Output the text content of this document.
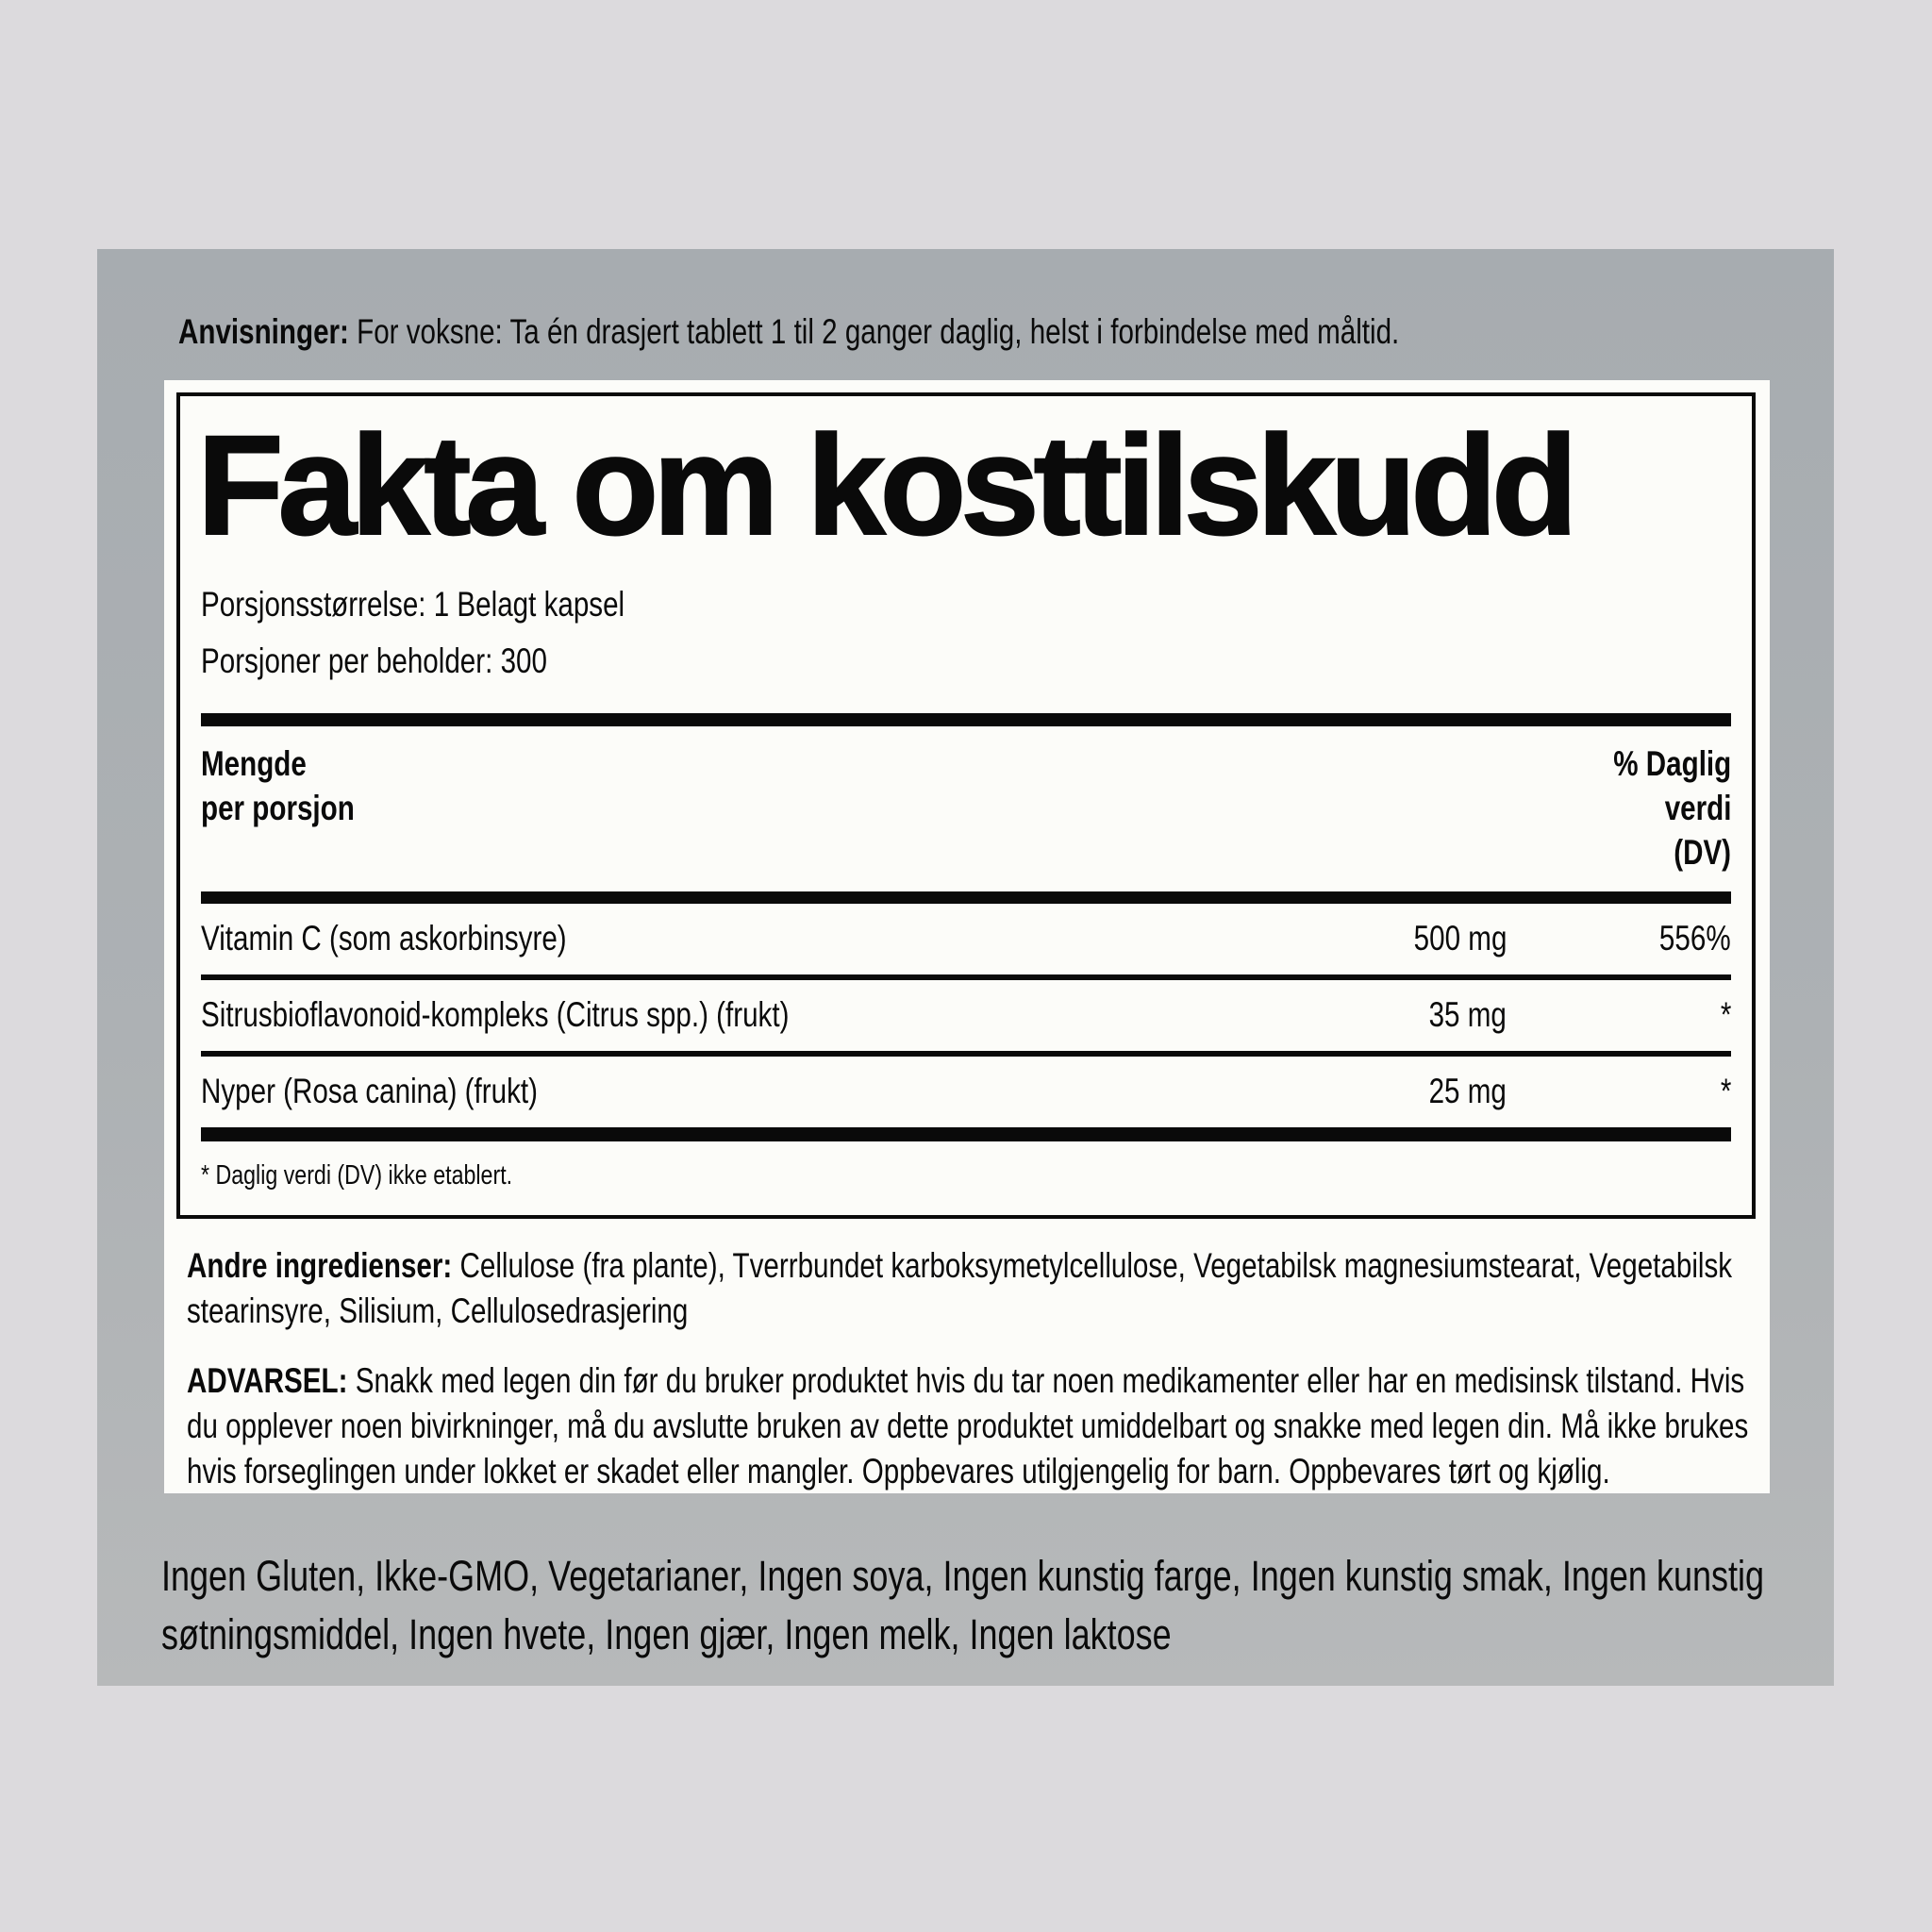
Anvisninger: For voksne: Ta én drasjert tablett 1 til 2 ganger daglig, helst i forbindelse med måltid.

Fakta om kosttilskudd

Porsjonsstørrelse: 1 Belagt kapsel

Porsjoner per beholder: 300

Mengde
per porsjon
% Daglig
verdi
(DV)
Vitamin C (som askorbinsyre)	500 mg	556%
Sitrusbioflavonoid-kompleks (Citrus spp.) (frukt)	35 mg	*
Nyper (Rosa canina) (frukt)	25 mg	*

* Daglig verdi (DV) ikke etablert.

Andre ingredienser: Cellulose (fra plante), Tverrbundet karboksymetylcellulose, Vegetabilsk magnesiumstearat, Vegetabilsk stearinsyre, Silisium, Cellulosedrasjering

ADVARSEL: Snakk med legen din før du bruker produktet hvis du tar noen medikamenter eller har en medisinsk tilstand. Hvis du opplever noen bivirkninger, må du avslutte bruken av dette produktet umiddelbart og snakke med legen din. Må ikke brukes hvis forseglingen under lokket er skadet eller mangler. Oppbevares utilgjengelig for barn. Oppbevares tørt og kjølig.

Ingen Gluten, Ikke-GMO, Vegetarianer, Ingen soya, Ingen kunstig farge, Ingen kunstig smak, Ingen kunstig søtningsmiddel, Ingen hvete, Ingen gjær, Ingen melk, Ingen laktose
